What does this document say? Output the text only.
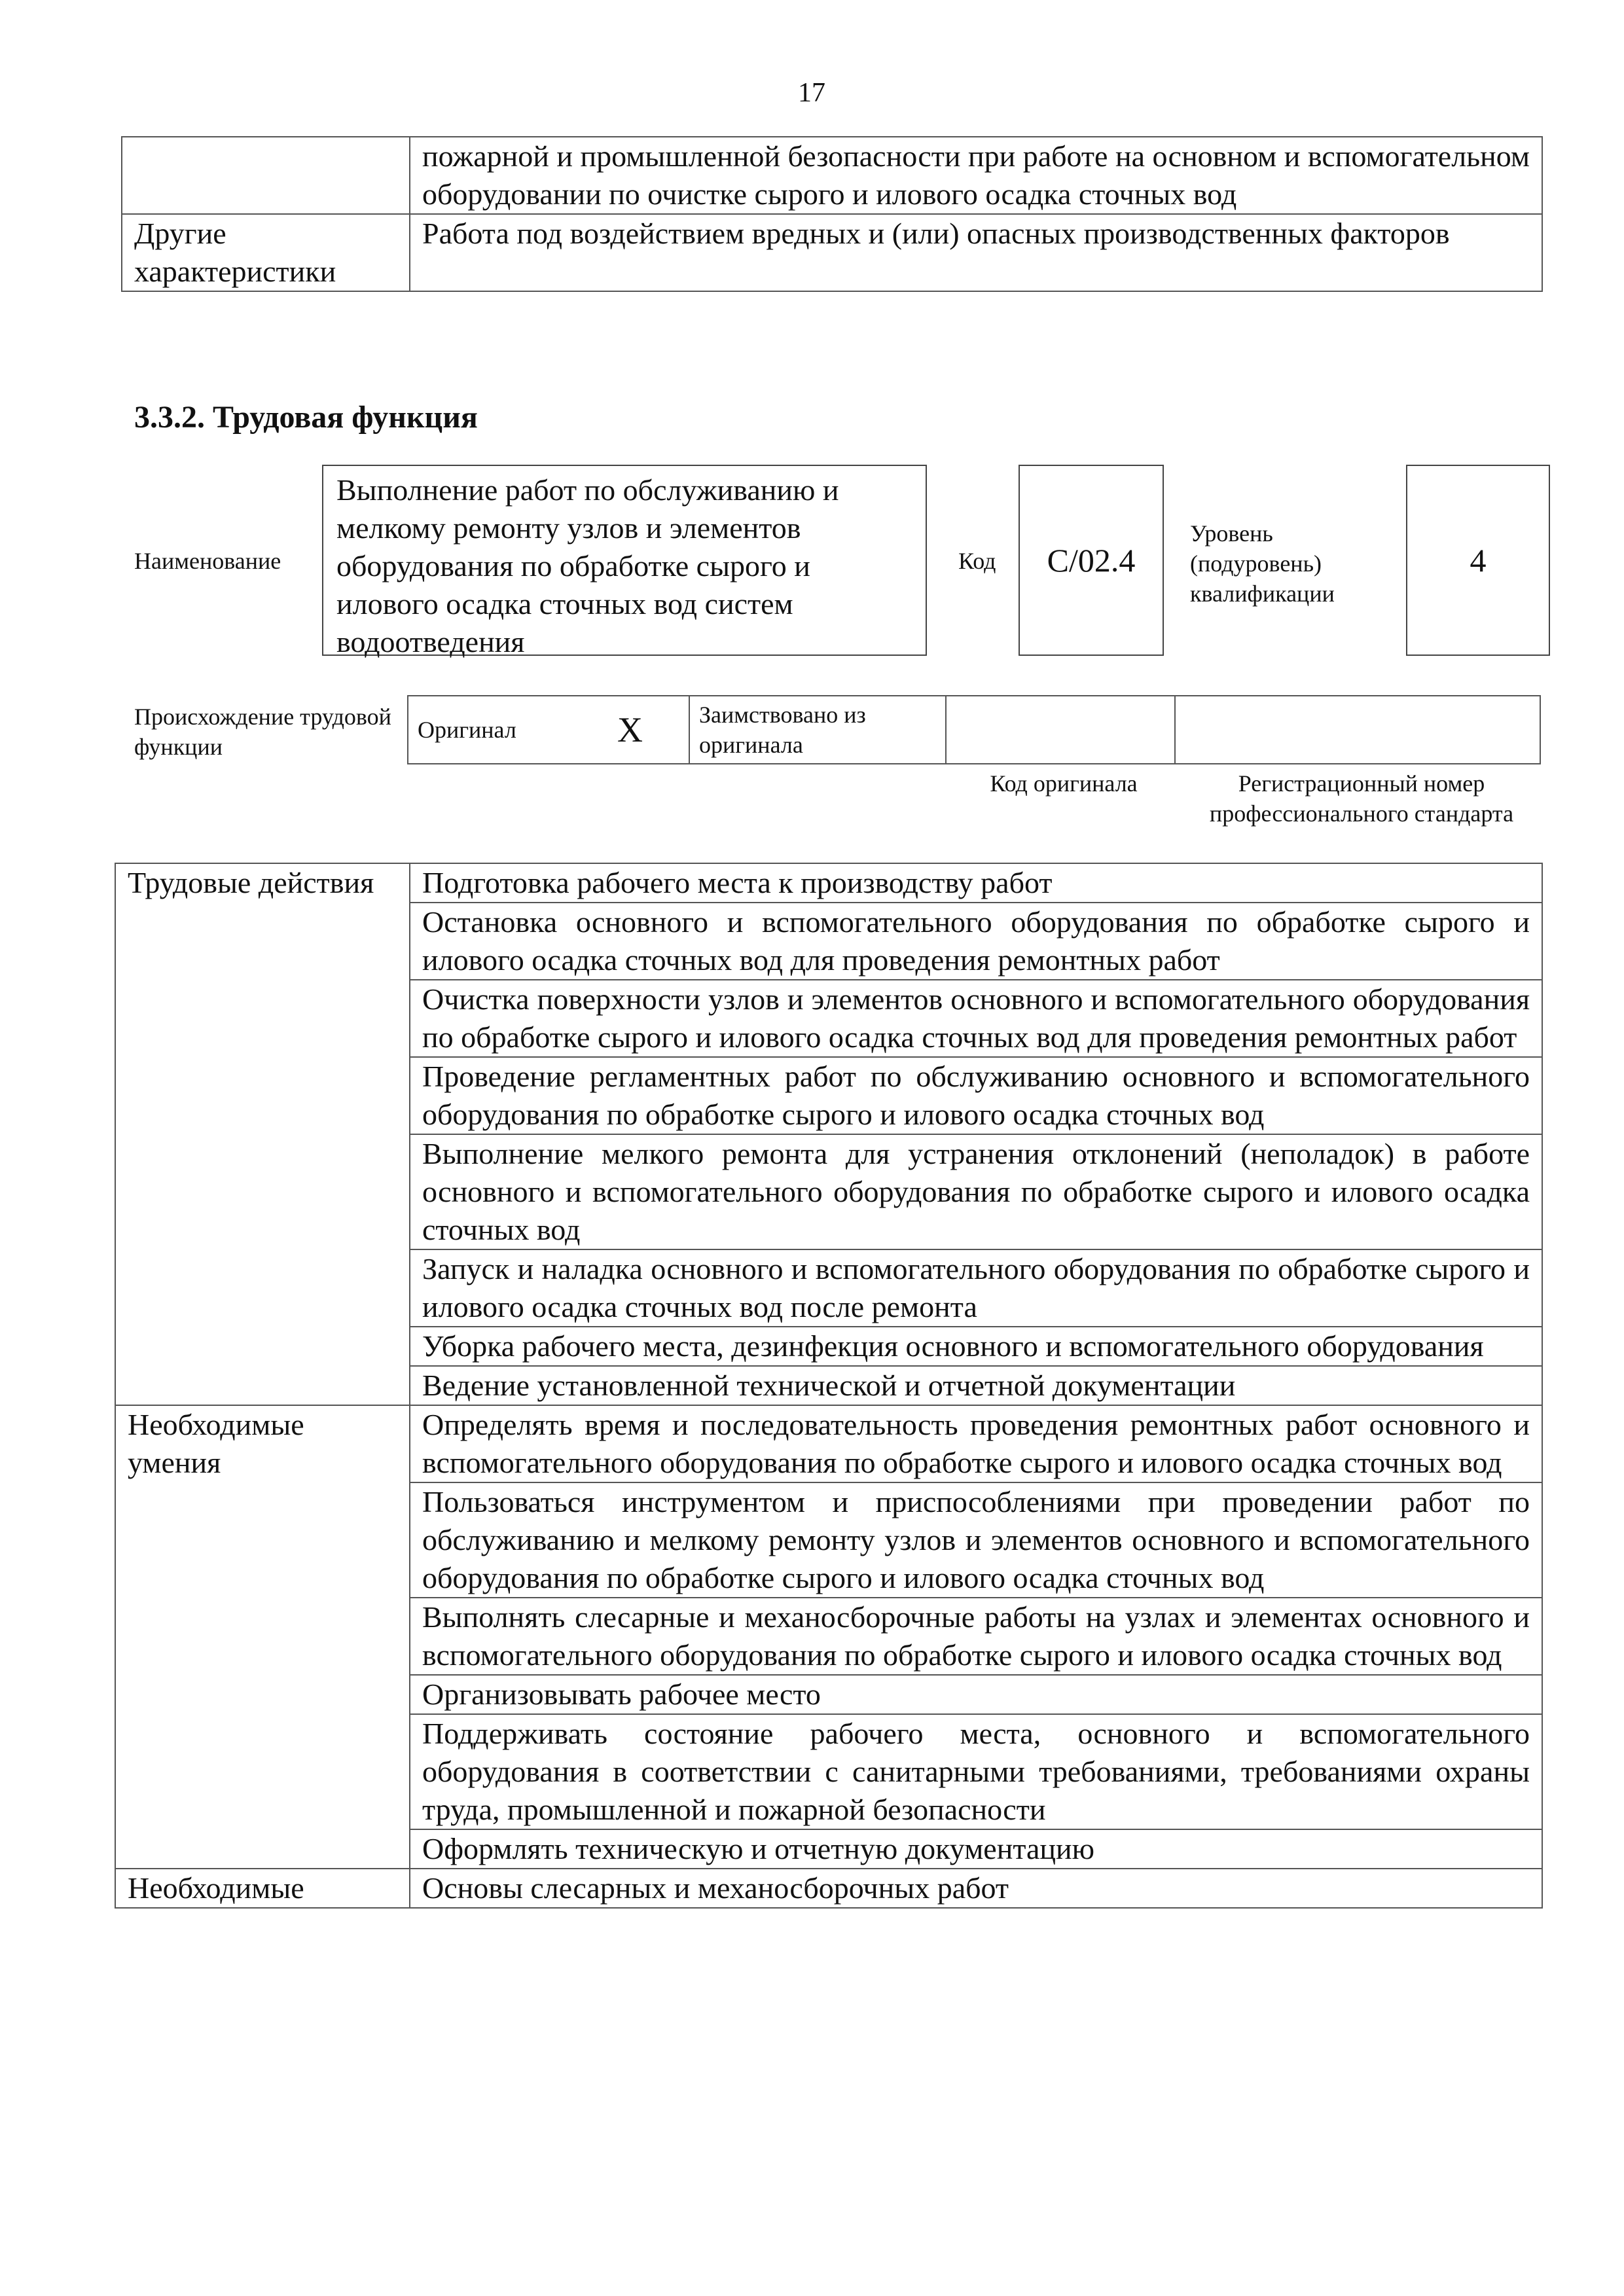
17
	пожарной и промышленной безопасности при работе на основном и вспомогательном оборудовании по очистке сырого и илового осадка сточных вод
Другие характеристики	Работа под воздействием вредных и (или) опасных производственных факторов
3.3.2. Трудовая функция
Наименование
Выполнение работ по обслуживанию и мелкому ремонту узлов и элементов оборудования по обработке сырого и илового осадка сточных вод систем водоотведения
Код C/02.4
Уровень (подуровень) квалификации
4
Происхождение трудовой функции
Оригинал	X	Заимствовано из оригинала		
Код оригинала	Регистрационный номер профессионального стандарта
Трудовые действия	Подготовка рабочего места к производству работ
	Остановка основного и вспомогательного оборудования по обработке сырого и илового осадка сточных вод для проведения ремонтных работ
	Очистка поверхности узлов и элементов основного и вспомогательного оборудования по обработке сырого и илового осадка сточных вод для проведения ремонтных работ
	Проведение регламентных работ по обслуживанию основного и вспомогательного оборудования по обработке сырого и илового осадка сточных вод
	Выполнение мелкого ремонта для устранения отклонений (неполадок) в работе основного и вспомогательного оборудования по обработке сырого и илового осадка сточных вод
	Запуск и наладка основного и вспомогательного оборудования по обработке сырого и илового осадка сточных вод после ремонта
	Уборка рабочего места, дезинфекция основного и вспомогательного оборудования
	Ведение установленной технической и отчетной документации
Необходимые умения	Определять время и последовательность проведения ремонтных работ основного и вспомогательного оборудования по обработке сырого и илового осадка сточных вод
	Пользоваться инструментом и приспособлениями при проведении работ по обслуживанию и мелкому ремонту узлов и элементов основного и вспомогательного оборудования по обработке сырого и илового осадка сточных вод
	Выполнять слесарные и механосборочные работы на узлах и элементах основного и вспомогательного оборудования по обработке сырого и илового осадка сточных вод
	Организовывать рабочее место
	Поддерживать состояние рабочего места, основного и вспомогательного оборудования в соответствии с санитарными требованиями, требованиями охраны труда, промышленной и пожарной безопасности
	Оформлять техническую и отчетную документацию
Необходимые	Основы слесарных и механосборочных работ
